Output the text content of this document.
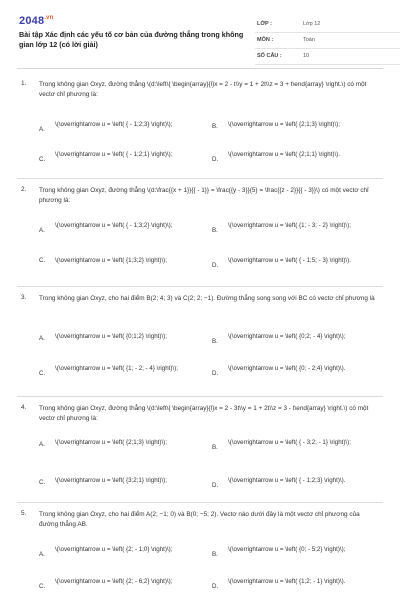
$2048^{.vn}$
Bài tập Xác định các yếu tố cơ bản của đường thẳng trong không gian lớp 12 (có lời giải)
LỚP :	Lớp 12
MÔN :	Toán
SỐ CÂU :	10
1. Trong không gian Oxyz, đường thẳng \(d:\left\{ \begin{array}{l}x = 2 - t\\y = 1 + 2t\\z = 3 + t\end{array} \right.\) có một vectơ chỉ phương là:
A.
\(\overrightarrow u = \left( { - 1;2;3} \right)\);	B. \(\overrightarrow u = \left( {2;1;3} \right)\);
C.
\(\overrightarrow u = \left( { - 1;2;1} \right)\);
D.
\(\overrightarrow u = \left( {2;1;1} \right)\).
2. Trong không gian Oxyz, đường thẳng \(d:\frac{{x + 1}}{{ - 1}} = \frac{{y - 3}}{5} = \frac{{z - 2}}{{ - 3}}\) có một vectơ chỉ phương là:
A.
\(\overrightarrow u = \left( { - 1;3;2} \right)\);
B.
\(\overrightarrow u = \left( {1; - 3; - 2} \right)\);
C. \(\overrightarrow u = \left( {1;3;2} \right)\);
D.
\(\overrightarrow u = \left( { - 1;5; - 3} \right)\).
3. Trong không gian Oxyz, cho hai điểm B(2; 4; 3) và C(2; 2; −1). Đường thẳng song song với BC có vectơ chỉ phương là
A. \(\overrightarrow u = \left( {0;1;2} \right)\);
B.
\(\overrightarrow u = \left( {0;2; - 4} \right)\);
C.
\(\overrightarrow u = \left( {1; - 2; - 4} \right)\);
D.
\(\overrightarrow u = \left( {0; - 2;4} \right)\).
4. Trong không gian Oxyz, đường thẳng \(d:\left\{ \begin{array}{l}x = 2 - 3t\\y = 1 + 2t\\z = 3 - t\end{array} \right.\) có một vectơ chỉ phương là:
A. \(\overrightarrow u = \left( {2;1;3} \right)\);
B.
\(\overrightarrow u = \left( { - 3;2; - 1} \right)\);
C. \(\overrightarrow u = \left( {3;2;1} \right)\);
D.
\(\overrightarrow u = \left( { - 1;2;3} \right)\).
5. Trong không gian Oxyz, cho hai điểm A(2; −1; 0) và B(0; −5; 2). Vectơ nào dưới đây là một vectơ chỉ phương của đường thẳng AB.
A.
\(\overrightarrow u = \left( {2; - 1;0} \right)\);
B.
\(\overrightarrow u = \left( {0; - 5;2} \right)\);
C.
\(\overrightarrow u = \left( {2; - 6;2} \right)\);
D.
\(\overrightarrow u = \left( {1;2; - 1} \right)\).
